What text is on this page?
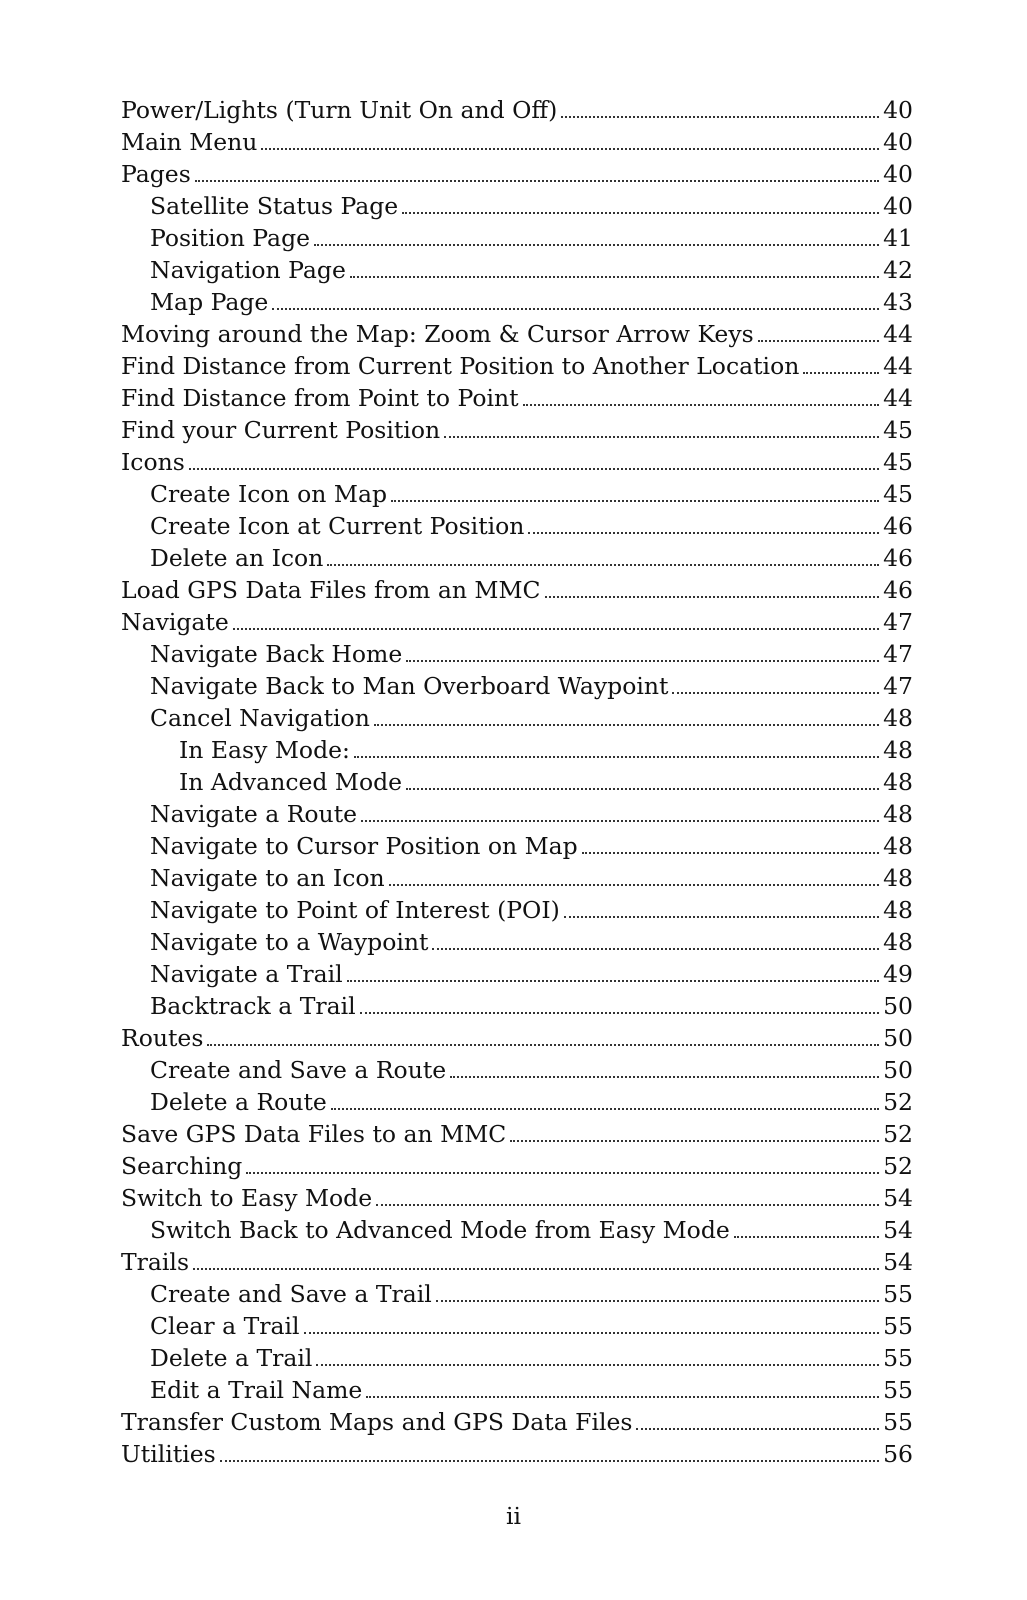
Power/Lights (Turn Unit On and Off)	40
Main Menu	40
Pages	40
Satellite Status Page	40
Position Page	41
Navigation Page	42
Map Page	43
Moving around the Map: Zoom & Cursor Arrow Keys	44
Find Distance from Current Position to Another Location	44
Find Distance from Point to Point	44
Find your Current Position	45
Icons	45
Create Icon on Map	45
Create Icon at Current Position	46
Delete an Icon	46
Load GPS Data Files from an MMC	46
Navigate	47
Navigate Back Home	47
Navigate Back to Man Overboard Waypoint	47
Cancel Navigation	48
In Easy Mode:	48
In Advanced Mode	48
Navigate a Route	48
Navigate to Cursor Position on Map	48
Navigate to an Icon	48
Navigate to Point of Interest (POI)	48
Navigate to a Waypoint	48
Navigate a Trail	49
Backtrack a Trail	50
Routes	50
Create and Save a Route	50
Delete a Route	52
Save GPS Data Files to an MMC	52
Searching	52
Switch to Easy Mode	54
Switch Back to Advanced Mode from Easy Mode	54
Trails	54
Create and Save a Trail	55
Clear a Trail	55
Delete a Trail	55
Edit a Trail Name	55
Transfer Custom Maps and GPS Data Files	55
Utilities	56
ii
